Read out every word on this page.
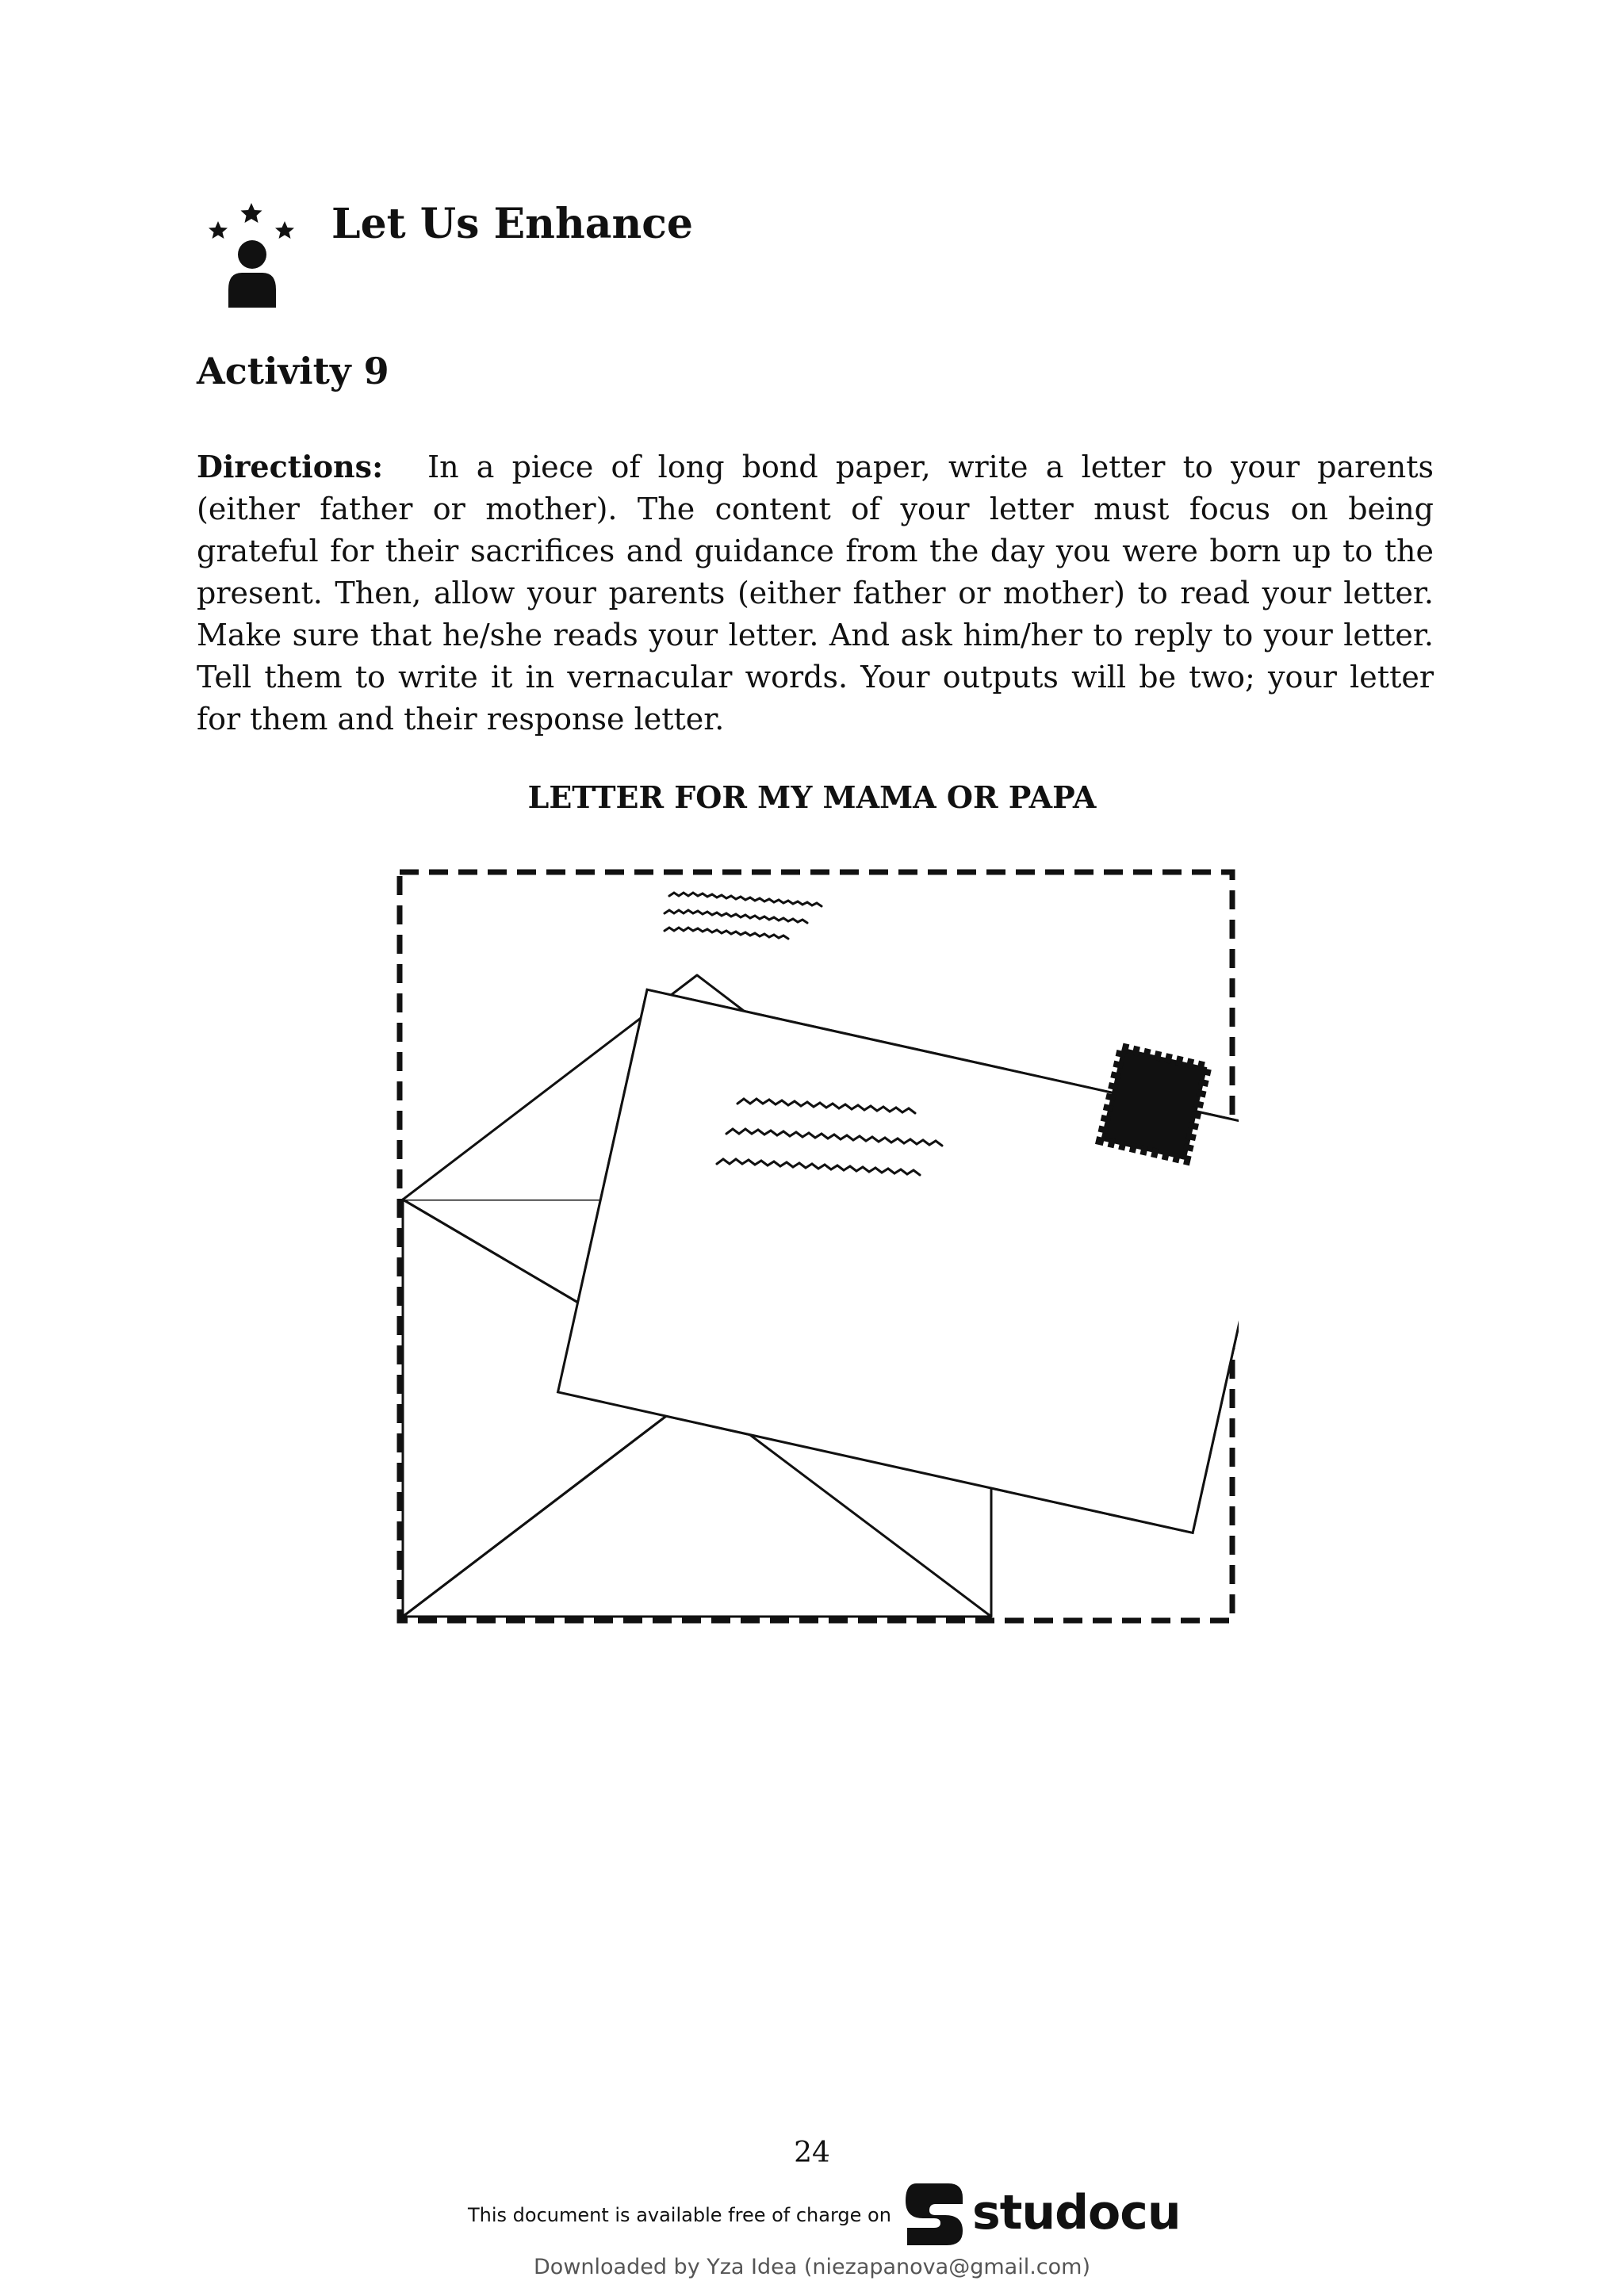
Let Us Enhance
Activity 9

Directions: In a piece of long bond paper, write a letter to your parents (either father or mother). The content of your letter must focus on being grateful for their sacrifices and guidance from the day you were born up to the present. Then, allow your parents (either father or mother) to read your letter. Make sure that he/she reads your letter. And ask him/her to reply to your letter. Tell them to write it in vernacular words. Your outputs will be two; your letter for them and their response letter.

LETTER FOR MY MAMA OR PAPA
24
This document is available free of charge on studocu
Downloaded by Yza Idea (niezapanova@gmail.com)
